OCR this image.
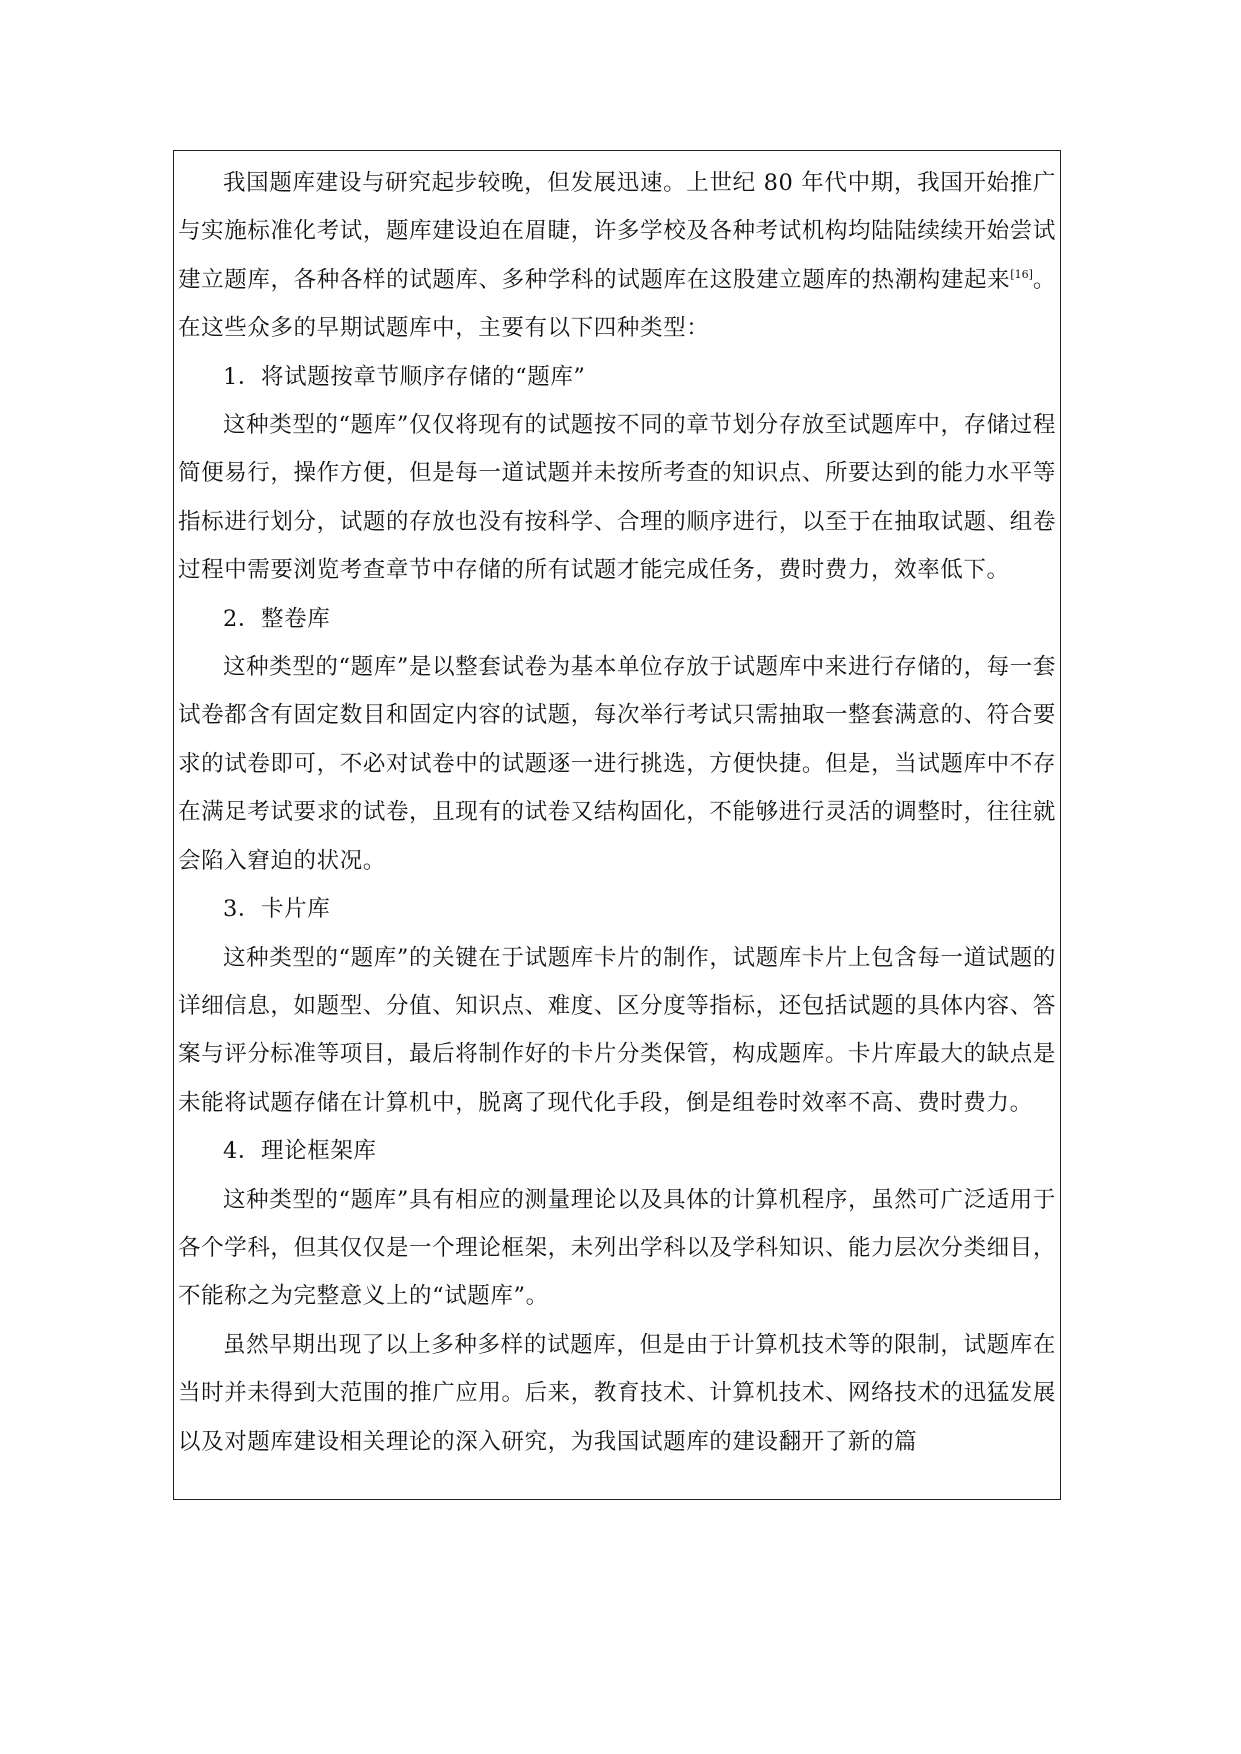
我国题库建设与研究起步较晚，但发展迅速。上世纪 80 年代中期，我国开始推广与实施标准化考试，题库建设迫在眉睫，许多学校及各种考试机构均陆陆续续开始尝试建立题库，各种各样的试题库、多种学科的试题库在这股建立题库的热潮构建起来[16]。在这些众多的早期试题库中，主要有以下四种类型：

1．将试题按章节顺序存储的“题库”

这种类型的“题库”仅仅将现有的试题按不同的章节划分存放至试题库中，存储过程简便易行，操作方便，但是每一道试题并未按所考查的知识点、所要达到的能力水平等指标进行划分，试题的存放也没有按科学、合理的顺序进行，以至于在抽取试题、组卷过程中需要浏览考查章节中存储的所有试题才能完成任务，费时费力，效率低下。

2．整卷库

这种类型的“题库”是以整套试卷为基本单位存放于试题库中来进行存储的，每一套试卷都含有固定数目和固定内容的试题，每次举行考试只需抽取一整套满意的、符合要求的试卷即可，不必对试卷中的试题逐一进行挑选，方便快捷。但是，当试题库中不存在满足考试要求的试卷，且现有的试卷又结构固化，不能够进行灵活的调整时，往往就会陷入窘迫的状况。

3．卡片库

这种类型的“题库”的关键在于试题库卡片的制作，试题库卡片上包含每一道试题的详细信息，如题型、分值、知识点、难度、区分度等指标，还包括试题的具体内容、答案与评分标准等项目，最后将制作好的卡片分类保管，构成题库。卡片库最大的缺点是未能将试题存储在计算机中，脱离了现代化手段，倒是组卷时效率不高、费时费力。

4．理论框架库

这种类型的“题库”具有相应的测量理论以及具体的计算机程序，虽然可广泛适用于各个学科，但其仅仅是一个理论框架，未列出学科以及学科知识、能力层次分类细目，不能称之为完整意义上的“试题库”。

虽然早期出现了以上多种多样的试题库，但是由于计算机技术等的限制，试题库在当时并未得到大范围的推广应用。后来，教育技术、计算机技术、网络技术的迅猛发展以及对题库建设相关理论的深入研究，为我国试题库的建设翻开了新的篇
